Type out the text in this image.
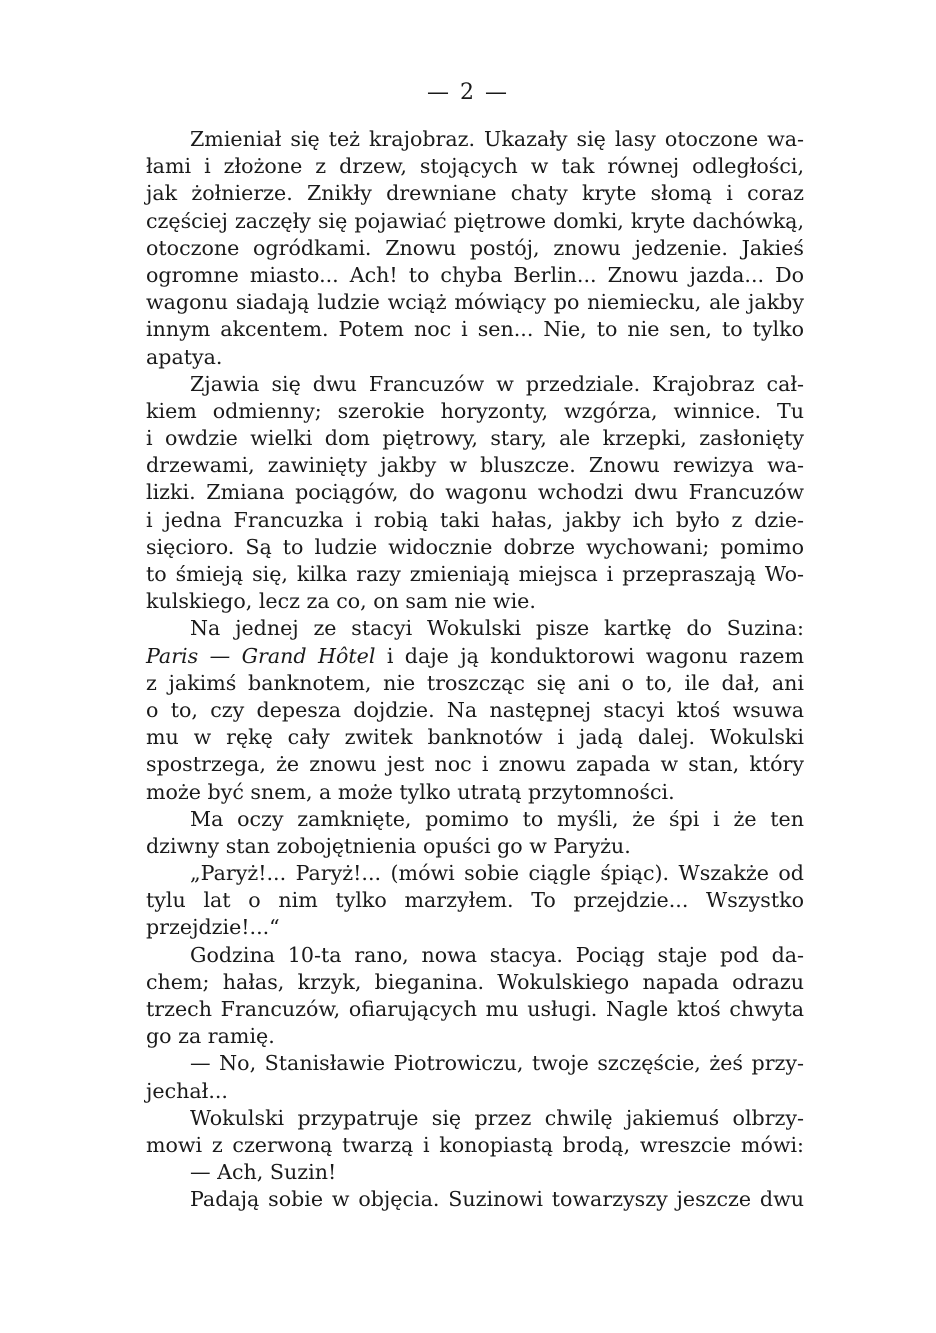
— 2 —
Zmieniał się też krajobraz. Ukazały się lasy otoczone wa-
łami i złożone z drzew, stojących w tak równej odległości,
jak żołnierze. Znikły drewniane chaty kryte słomą i coraz
częściej zaczęły się pojawiać piętrowe domki, kryte dachówką,
otoczone ogródkami. Znowu postój, znowu jedzenie. Jakieś
ogromne miasto... Ach! to chyba Berlin... Znowu jazda... Do
wagonu siadają ludzie wciąż mówiący po niemiecku, ale jakby
innym akcentem. Potem noc i sen... Nie, to nie sen, to tylko
apatya.
Zjawia się dwu Francuzów w przedziale. Krajobraz cał-
kiem odmienny; szerokie horyzonty, wzgórza, winnice. Tu
i owdzie wielki dom piętrowy, stary, ale krzepki, zasłonięty
drzewami, zawinięty jakby w bluszcze. Znowu rewizya wa-
lizki. Zmiana pociągów, do wagonu wchodzi dwu Francuzów
i jedna Francuzka i robią taki hałas, jakby ich było z dzie-
sięcioro. Są to ludzie widocznie dobrze wychowani; pomimo
to śmieją się, kilka razy zmieniają miejsca i przepraszają Wo-
kulskiego, lecz za co, on sam nie wie.
Na jednej ze stacyi Wokulski pisze kartkę do Suzina:
Paris — Grand Hôtel i daje ją konduktorowi wagonu razem
z jakimś banknotem, nie troszcząc się ani o to, ile dał, ani
o to, czy depesza dojdzie. Na następnej stacyi ktoś wsuwa
mu w rękę cały zwitek banknotów i jadą dalej. Wokulski
spostrzega, że znowu jest noc i znowu zapada w stan, który
może być snem, a może tylko utratą przytomności.
Ma oczy zamknięte, pomimo to myśli, że śpi i że ten
dziwny stan zobojętnienia opuści go w Paryżu.
„Paryż!... Paryż!... (mówi sobie ciągle śpiąc). Wszakże od
tylu lat o nim tylko marzyłem. To przejdzie... Wszystko
przejdzie!...“
Godzina 10-ta rano, nowa stacya. Pociąg staje pod da-
chem; hałas, krzyk, bieganina. Wokulskiego napada odrazu
trzech Francuzów, ofiarujących mu usługi. Nagle ktoś chwyta
go za ramię.
— No, Stanisławie Piotrowiczu, twoje szczęście, żeś przy-
jechał...
Wokulski przypatruje się przez chwilę jakiemuś olbrzy-
mowi z czerwoną twarzą i konopiastą brodą, wreszcie mówi:
— Ach, Suzin!
Padają sobie w objęcia. Suzinowi towarzyszy jeszcze dwu
